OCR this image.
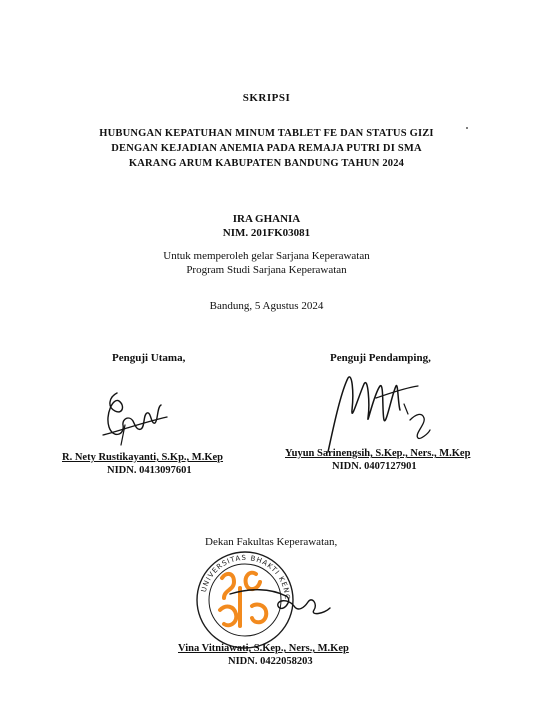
SKRIPSI
HUBUNGAN KEPATUHAN MINUM TABLET FE DAN STATUS GIZI
DENGAN KEJADIAN ANEMIA PADA REMAJA PUTRI DI SMA
KARANG ARUM KABUPATEN BANDUNG TAHUN 2024
IRA GHANIA
NIM. 201FK03081
Untuk memperoleh gelar Sarjana Keperawatan
Program Studi Sarjana Keperawatan
Bandung, 5 Agustus 2024
Penguji Utama,
R. Nety Rustikayanti, S.Kp., M.Kep
NIDN. 0413097601
Penguji Pendamping,
Yuyun Sarinengsih, S.Kep., Ners., M.Kep
NIDN. 0407127901
Dekan Fakultas Keperawatan,
UNIVERSITAS BHAKTI KENCANA
Vina Vitniawati, S.Kep., Ners., M.Kep
NIDN. 0422058203
